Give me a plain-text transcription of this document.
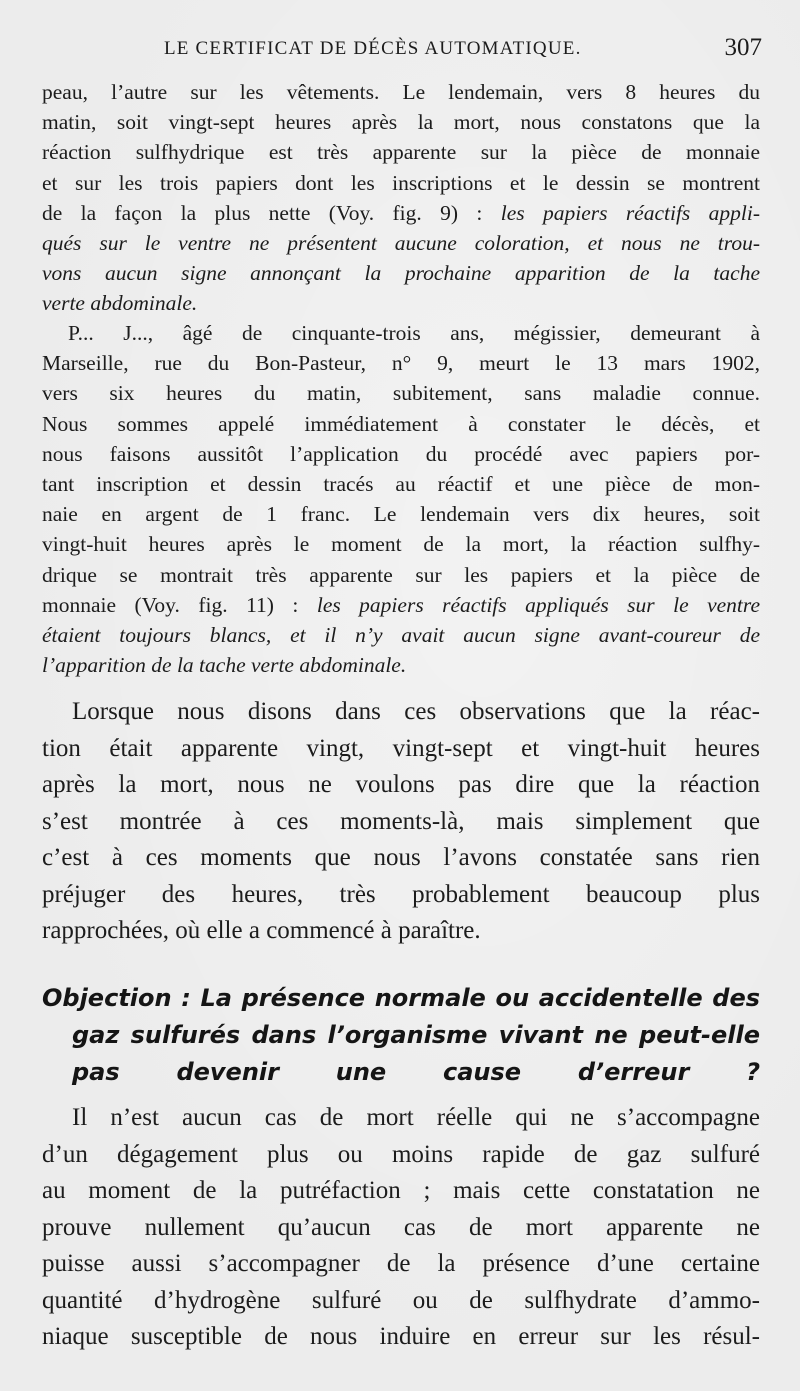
LE CERTIFICAT DE DÉCÈS AUTOMATIQUE.	307
peau, l’autre sur les vêtements. Le lendemain, vers 8 heures du
matin, soit vingt-sept heures après la mort, nous constatons que la
réaction sulfhydrique est très apparente sur la pièce de monnaie
et sur les trois papiers dont les inscriptions et le dessin se montrent
de la façon la plus nette (Voy. fig. 9) : les papiers réactifs appli-
qués sur le ventre ne présentent aucune coloration, et nous ne trou-
vons aucun signe annonçant la prochaine apparition de la tache
verte abdominale.
P... J..., âgé de cinquante-trois ans, mégissier, demeurant à
Marseille, rue du Bon-Pasteur, n° 9, meurt le 13 mars 1902,
vers six heures du matin, subitement, sans maladie connue.
Nous sommes appelé immédiatement à constater le décès, et
nous faisons aussitôt l’application du procédé avec papiers por-
tant inscription et dessin tracés au réactif et une pièce de mon-
naie en argent de 1 franc. Le lendemain vers dix heures, soit
vingt-huit heures après le moment de la mort, la réaction sulfhy-
drique se montrait très apparente sur les papiers et la pièce de
monnaie (Voy. fig. 11) : les papiers réactifs appliqués sur le ventre
étaient toujours blancs, et il n’y avait aucun signe avant-coureur de
l’apparition de la tache verte abdominale.
Lorsque nous disons dans ces observations que la réac-
tion était apparente vingt, vingt-sept et vingt-huit heures
après la mort, nous ne voulons pas dire que la réaction
s’est montrée à ces moments-là, mais simplement que
c’est à ces moments que nous l’avons constatée sans rien
préjuger des heures, très probablement beaucoup plus
rapprochées, où elle a commencé à paraître.
Objection : La présence normale ou accidentelle des
gaz sulfurés dans l’organisme vivant ne peut-elle
pas devenir une cause d’erreur ?
Il n’est aucun cas de mort réelle qui ne s’accompagne
d’un dégagement plus ou moins rapide de gaz sulfuré
au moment de la putréfaction ; mais cette constatation ne
prouve nullement qu’aucun cas de mort apparente ne
puisse aussi s’accompagner de la présence d’une certaine
quantité d’hydrogène sulfuré ou de sulfhydrate d’ammo-
niaque susceptible de nous induire en erreur sur les résul-
